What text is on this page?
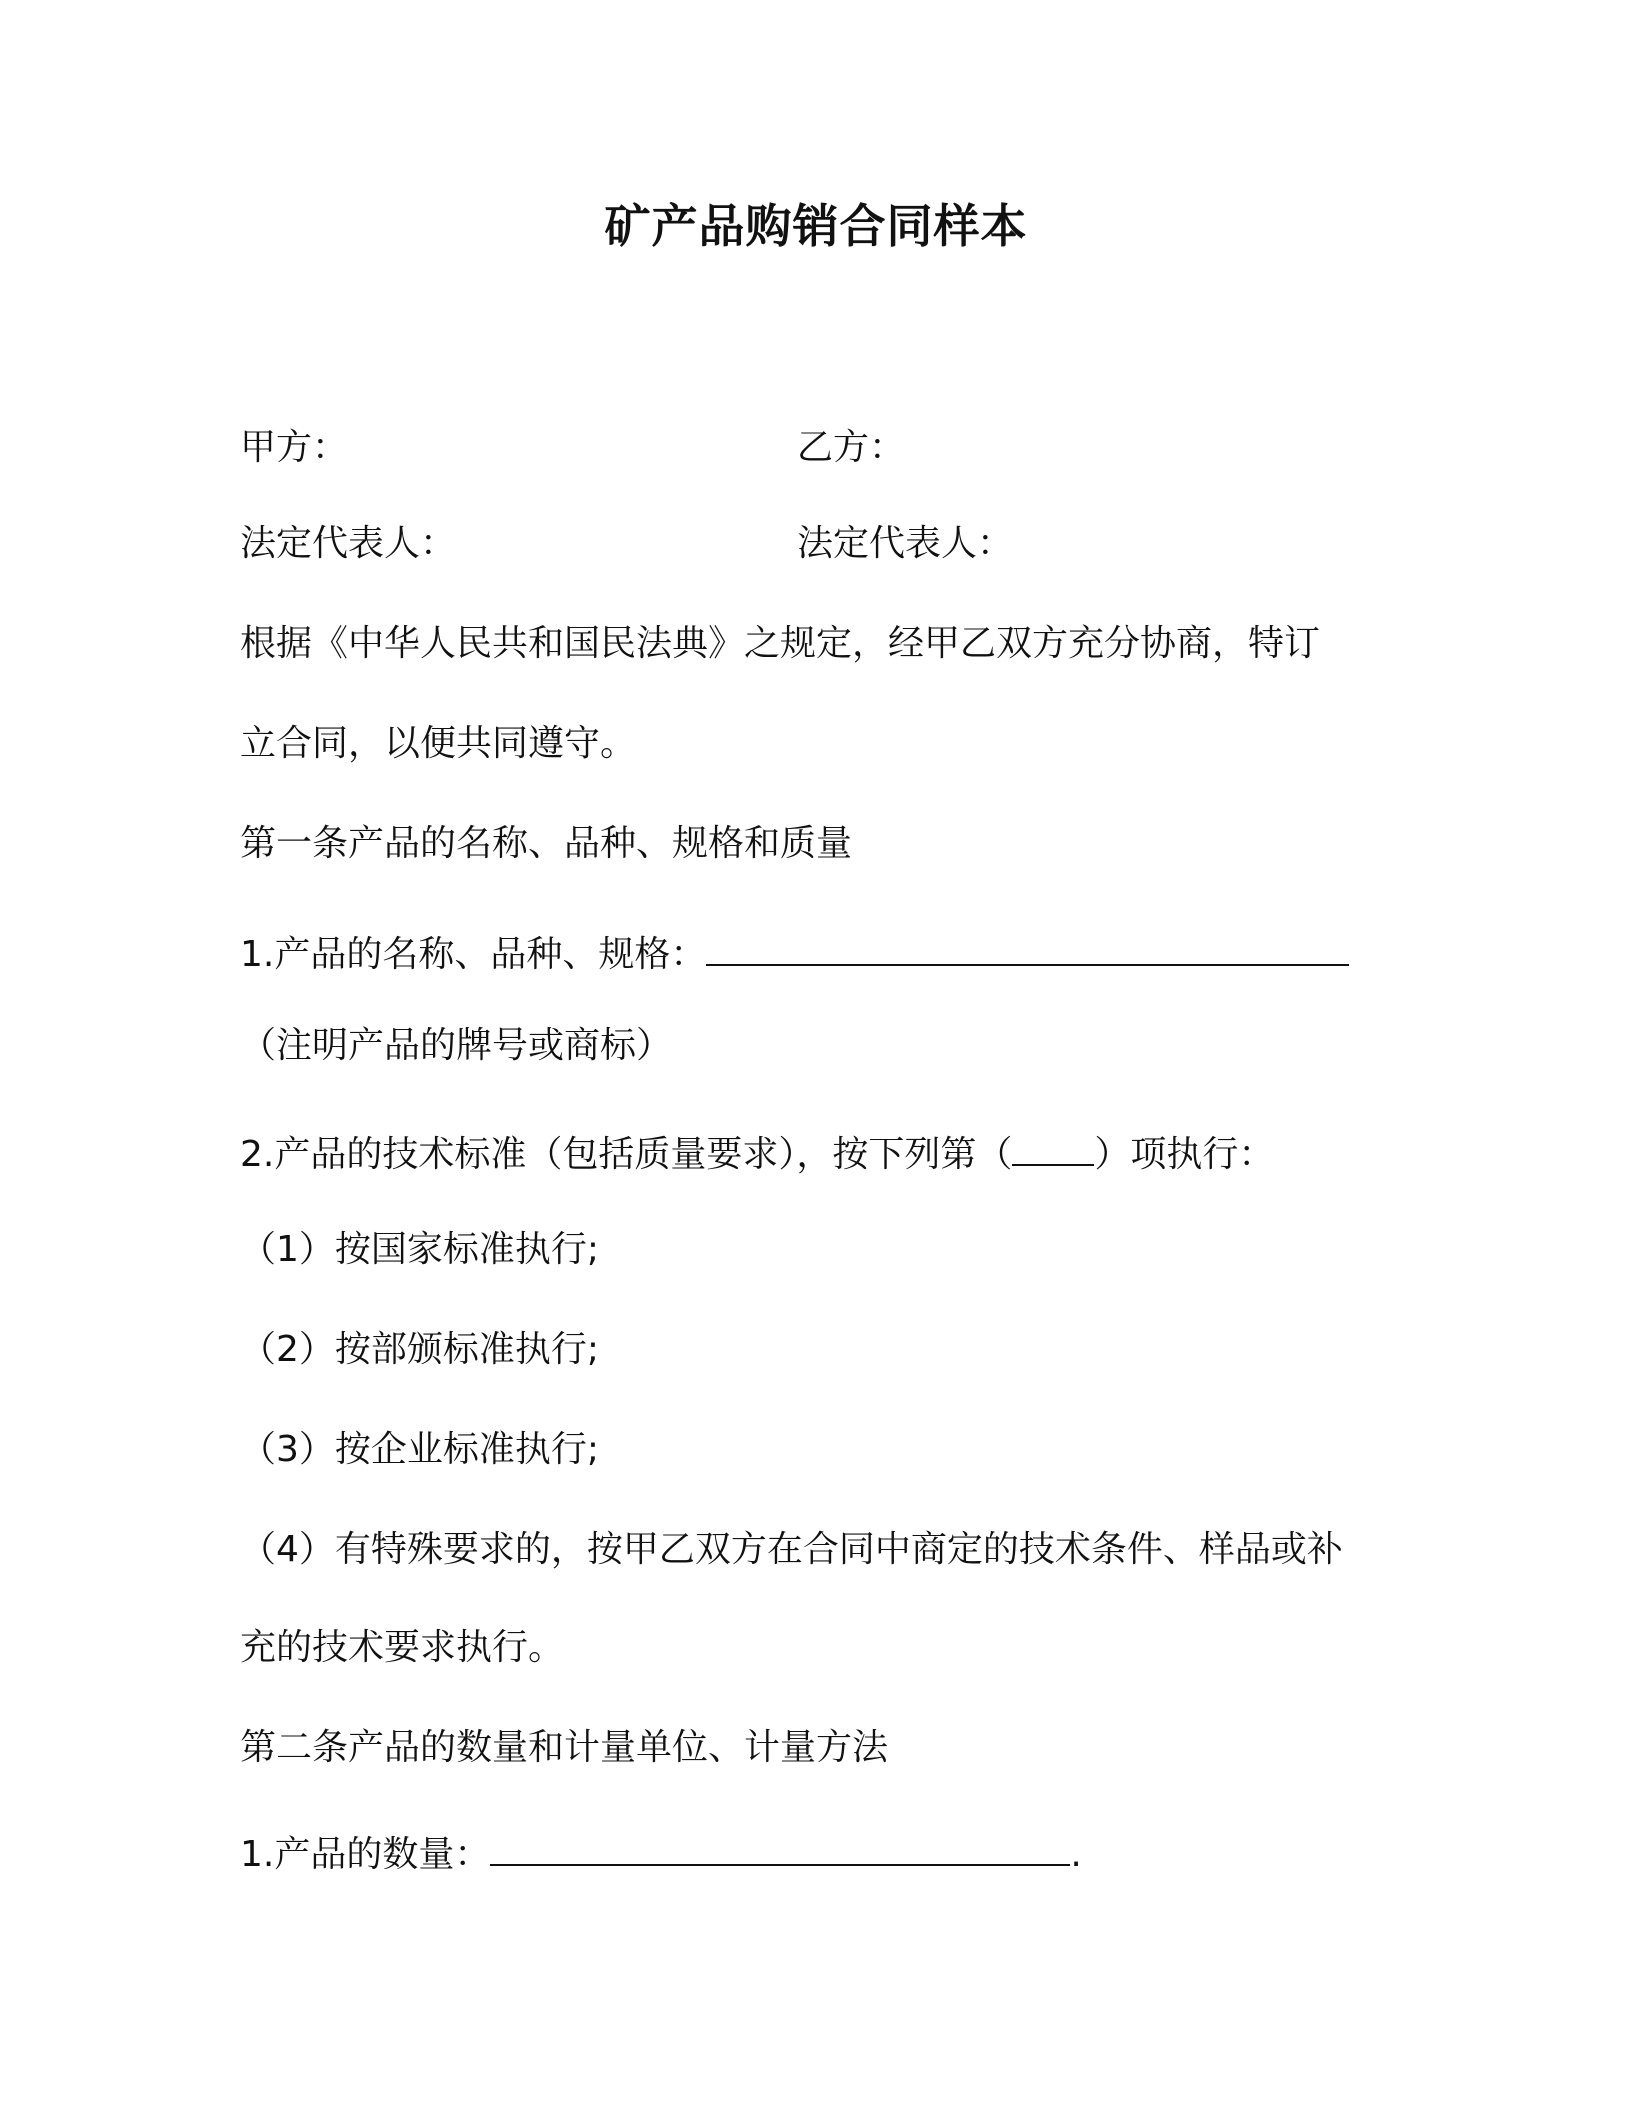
矿产品购销合同样本

甲方：	乙方：

法定代表人：	法定代表人：

根据《中华人民共和国民法典》之规定，经甲乙双方充分协商，特订

立合同，以便共同遵守。

第一条产品的名称、品种、规格和质量

1.产品的名称、品种、规格：

（注明产品的牌号或商标）

2.产品的技术标准（包括质量要求），按下列第（ ）项执行：

（1）按国家标准执行;

（2）按部颁标准执行;

（3）按企业标准执行;

（4）有特殊要求的，按甲乙双方在合同中商定的技术条件、样品或补

充的技术要求执行。

第二条产品的数量和计量单位、计量方法

1.产品的数量：	.
